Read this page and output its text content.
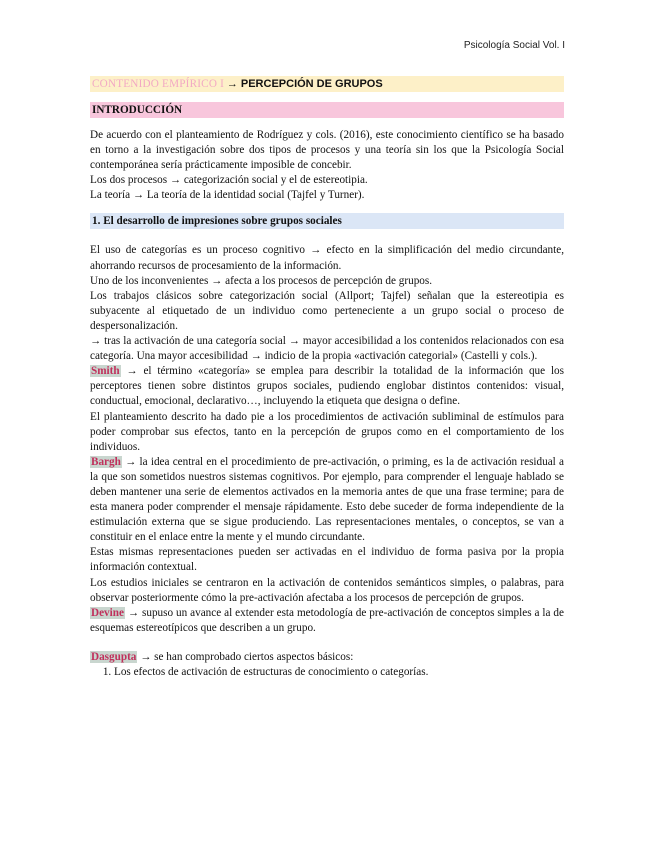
Psicología Social Vol. I
CONTENIDO EMPÍRICO I → PERCEPCIÓN DE GRUPOS
INTRODUCCIÓN

De acuerdo con el planteamiento de Rodríguez y cols. (2016), este conocimiento científico se ha basado en torno a la investigación sobre dos tipos de procesos y una teoría sin los que la Psicología Social contemporánea sería prácticamente imposible de concebir.

Los dos procesos → categorización social y el de estereotipia.

La teoría → La teoría de la identidad social (Tajfel y Turner).

1. El desarrollo de impresiones sobre grupos sociales

El uso de categorías es un proceso cognitivo → efecto en la simplificación del medio circundante, ahorrando recursos de procesamiento de la información.

Uno de los inconvenientes → afecta a los procesos de percepción de grupos.

Los trabajos clásicos sobre categorización social (Allport; Tajfel) señalan que la estereotipia es subyacente al etiquetado de un individuo como perteneciente a un grupo social o proceso de despersonalización.

→ tras la activación de una categoría social → mayor accesibilidad a los contenidos relacionados con esa categoría. Una mayor accesibilidad → indicio de la propia «activación categorial» (Castelli y cols.).

Smith → el término «categoría» se emplea para describir la totalidad de la información que los perceptores tienen sobre distintos grupos sociales, pudiendo englobar distintos contenidos: visual, conductual, emocional, declarativo…, incluyendo la etiqueta que designa o define.

El planteamiento descrito ha dado pie a los procedimientos de activación subliminal de estímulos para poder comprobar sus efectos, tanto en la percepción de grupos como en el comportamiento de los individuos.

Bargh → la idea central en el procedimiento de pre-activación, o priming, es la de activación residual a la que son sometidos nuestros sistemas cognitivos. Por ejemplo, para comprender el lenguaje hablado se deben mantener una serie de elementos activados en la memoria antes de que una frase termine; para de esta manera poder comprender el mensaje rápidamente. Esto debe suceder de forma independiente de la estimulación externa que se sigue produciendo. Las representaciones mentales, o conceptos, se van a constituir en el enlace entre la mente y el mundo circundante.

Estas mismas representaciones pueden ser activadas en el individuo de forma pasiva por la propia información contextual.

Los estudios iniciales se centraron en la activación de contenidos semánticos simples, o palabras, para observar posteriormente cómo la pre-activación afectaba a los procesos de percepción de grupos.

Devine → supuso un avance al extender esta metodología de pre-activación de conceptos simples a la de esquemas estereotípicos que describen a un grupo.

Dasgupta → se han comprobado ciertos aspectos básicos:

1. Los efectos de activación de estructuras de conocimiento o categorías.
